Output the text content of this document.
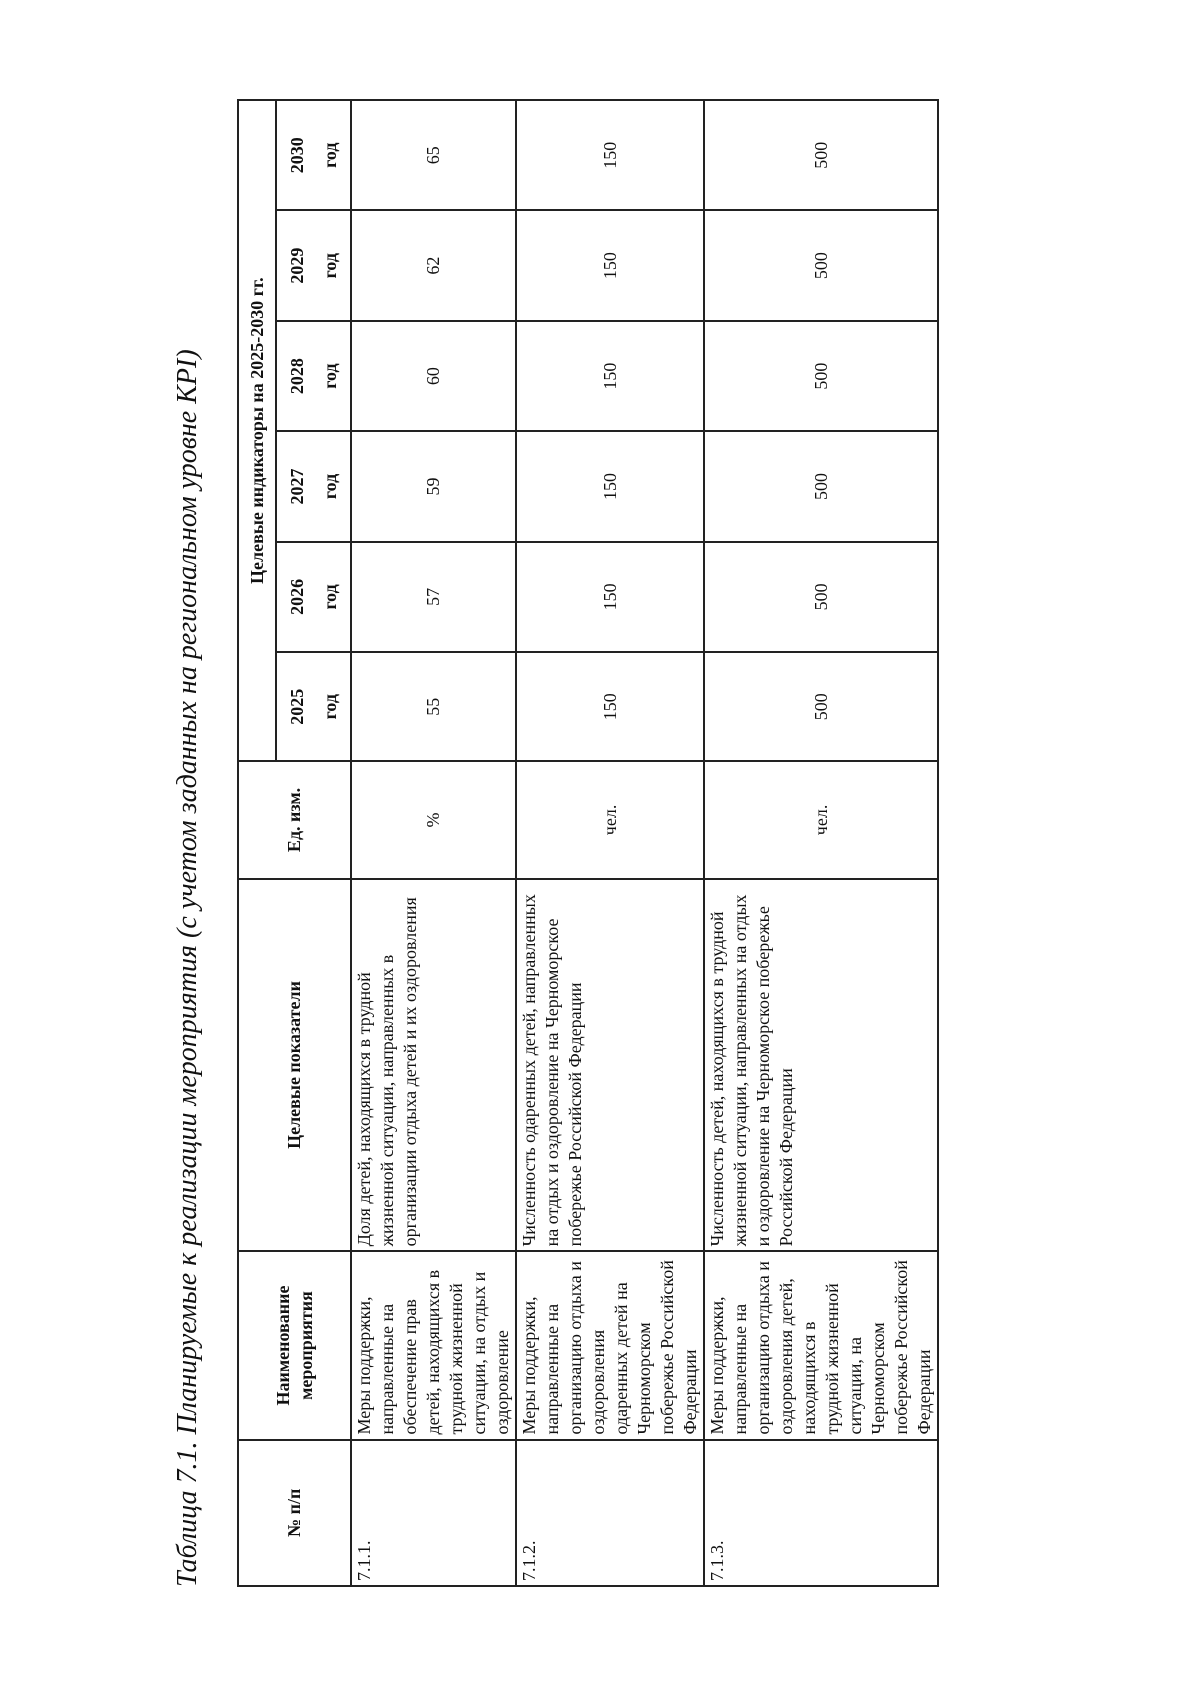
Таблица 7.1. Планируемые к реализации мероприятия (с учетом заданных на региональном уровне KPI)	№ п/п	Наименование мероприятия	Целевые показатели	Ед. изм.	Целевые индикаторы на 2025-2030 гг.					

				2025 год	2026 год	2027 год	2028 год	2029 год	2030 год

7.1.1.	Меры поддержки, направленные на обеспечение прав детей, находящихся в трудной жизненной ситуации, на отдых и оздоровление	Доля детей, находящихся в трудной жизненной ситуации, направленных в организации отдыха детей и их оздоровления	%	55	57	59	60	62	65
7.1.2.	Меры поддержки, направленные на организацию отдыха и оздоровления одаренных детей на Черноморском побережье Российской Федерации	Численность одаренных детей, направленных на отдых и оздоровление на Черноморское побережье Российской Федерации	чел.	150	150	150	150	150	150
7.1.3.	Меры поддержки, направленные на организацию отдыха и оздоровления детей, находящихся в трудной жизненной ситуации, на Черноморском побережье Российской Федерации	Численность детей, находящихся в трудной жизненной ситуации, направленных на отдых и оздоровление на Черноморское побережье Российской Федерации	чел.	500	500	500	500	500	500
